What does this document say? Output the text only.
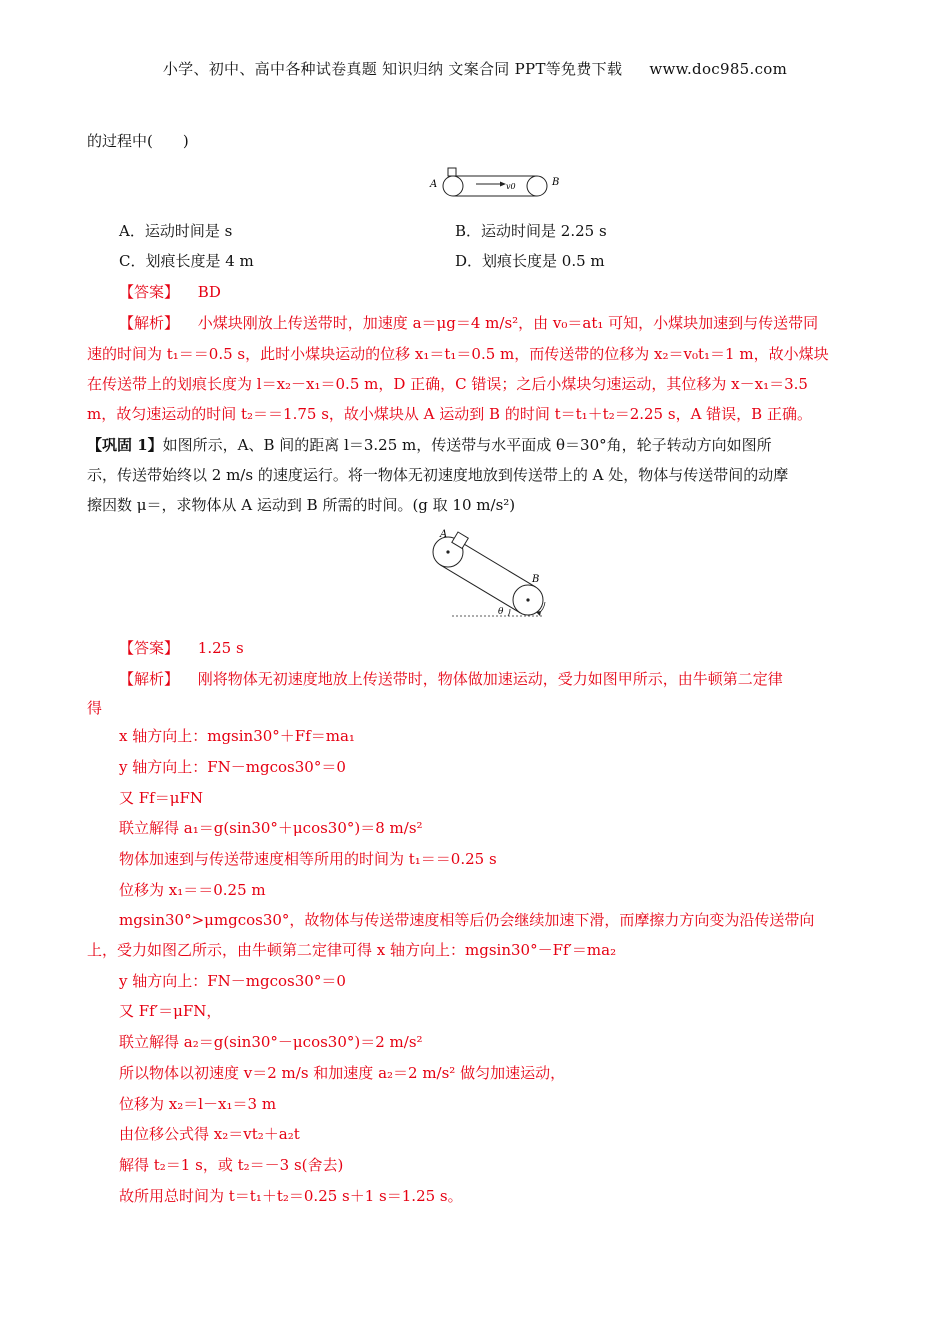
小学、初中、高中各种试卷真题 知识归纳 文案合同 PPT等免费下载 www.doc985.com
的过程中(　　)
A	B
v0
A．运动时间是 s	B．运动时间是 2.25 s
C．划痕长度是 4 m	D．划痕长度是 0.5 m
【答案】 BD
【解析】 小煤块刚放上传送带时，加速度 a＝μg＝4 m/s²，由 v₀＝at₁ 可知，小煤块加速到与传送带同
速的时间为 t₁＝＝0.5 s，此时小煤块运动的位移 x₁＝t₁＝0.5 m，而传送带的位移为 x₂＝v₀t₁＝1 m，故小煤块
在传送带上的划痕长度为 l＝x₂－x₁＝0.5 m，D 正确，C 错误；之后小煤块匀速运动，其位移为 x－x₁＝3.5
m，故匀速运动的时间 t₂＝＝1.75 s，故小煤块从 A 运动到 B 的时间 t＝t₁＋t₂＝2.25 s，A 错误，B 正确。
【巩固 1】如图所示，A、B 间的距离 l＝3.25 m，传送带与水平面成 θ＝30°角，轮子转动方向如图所
示，传送带始终以 2 m/s 的速度运行。将一物体无初速度地放到传送带上的 A 处，物体与传送带间的动摩
擦因数 μ＝，求物体从 A 运动到 B 所需的时间。(g 取 10 m/s²)
A
B
θ
【答案】 1.25 s
【解析】 刚将物体无初速度地放上传送带时，物体做加速运动，受力如图甲所示，由牛顿第二定律
得
x 轴方向上：mgsin30°＋Ff＝ma₁
y 轴方向上：FN－mgcos30°＝0
又 Ff＝μFN
联立解得 a₁＝g(sin30°＋μcos30°)＝8 m/s²
物体加速到与传送带速度相等所用的时间为 t₁＝＝0.25 s
位移为 x₁＝＝0.25 m
mgsin30°>μmgcos30°，故物体与传送带速度相等后仍会继续加速下滑，而摩擦力方向变为沿传送带向
上，受力如图乙所示，由牛顿第二定律可得 x 轴方向上：mgsin30°－Ff′＝ma₂
y 轴方向上：FN－mgcos30°＝0
又 Ff′＝μFN，
联立解得 a₂＝g(sin30°－μcos30°)＝2 m/s²
所以物体以初速度 v＝2 m/s 和加速度 a₂＝2 m/s² 做匀加速运动，
位移为 x₂＝l－x₁＝3 m
由位移公式得 x₂＝vt₂＋a₂t
解得 t₂＝1 s，或 t₂＝－3 s(舍去)
故所用总时间为 t＝t₁＋t₂＝0.25 s＋1 s＝1.25 s。
